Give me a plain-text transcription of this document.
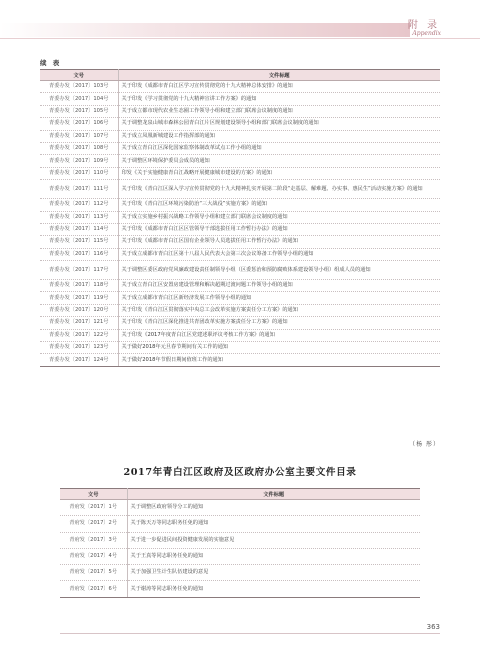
附 录
Appendix
续 表
文号	文件标题
青委办发〔2017〕103号	关于印发《成都市青白江区学习宣传贯彻党的十九大精神总体安排》的通知
青委办发〔2017〕104号	关于印发《学习贯彻党的十九大精神宣讲工作方案》的通知
青委办发〔2017〕105号	关于成立都市现代农业生态圈工作领导小组和建立部门联席会议制度的通知
青委办发〔2017〕106号	关于调整龙泉山城市森林公园青白江片区规划建设领导小组和部门联席会议制度的通知
青委办发〔2017〕107号	关于成立凤凰新城建设工作指挥部的通知
青委办发〔2017〕108号	关于成立青白江区深化国家监察体制改革试点工作小组的通知
青委办发〔2017〕109号	关于调整区环境保护委员会成员的通知
青委办发〔2017〕110号	印发《关于实施健康青白江战略开展健康城市建设的方案》的通知
青委办发〔2017〕111号	关于印发《青白江区深入学习宣传贯彻党的十九大精神扎实开展第二阶段“走基层、解难题、办实事、惠民生”活动实施方案》的通知
青委办发〔2017〕112号	关于印发《青白江区环境污染防治“三大战役”实施方案》的通知
青委办发〔2017〕113号	关于成立实施乡村振兴战略工作领导小组和建立部门联席会议制度的通知
青委办发〔2017〕114号	关于印发《成都市青白江区区管领导干部选拔任用工作暂行办法》的通知
青委办发〔2017〕115号	关于印发《成都市青白江区国有企业领导人员选拔任用工作暂行办法》的通知
青委办发〔2017〕116号	关于成立成都市青白江区第十八届人民代表大会第三次会议筹备工作领导小组的通知
青委办发〔2017〕117号	关于调整区委区政府党风廉政建设责任制领导小组（区委惩治和预防腐败体系建设领导小组）组成人员的通知
青委办发〔2017〕118号	关于成立青白江区安置房建设管理和解决超期过渡问题工作领导小组的通知
青委办发〔2017〕119号	关于成立成都市青白江区新经济发展工作领导小组的通知
青委办发〔2017〕120号	关于印发《青白江区贯彻落实中央总工会改革实施方案责任分工方案》的通知
青委办发〔2017〕121号	关于印发《青白江区深化推进共青团改革实施方案责任分工方案》的通知
青委办发〔2017〕122号	关于印发《2017年度青白江区党建述职评议考核工作方案》的通知
青委办发〔2017〕123号	关于做好2018年元旦春节期间有关工作的通知
青委办发〔2017〕124号	关于做好2018年节假日期间值班工作的通知
（杨 彤）
2017年青白江区政府及区政府办公室主要文件目录
文号	文件标题
青府发〔2017〕1号	关于调整区政府领导分工的通知
青府发〔2017〕2号	关于陈天万等同志职务任免的通知
青府发〔2017〕3号	关于进一步促进民间投资健康发展的实施意见
青府发〔2017〕4号	关于王真等同志职务任免的通知
青府发〔2017〕5号	关于加强卫生计生队伍建设的意见
青府发〔2017〕6号	关于谢涛等同志职务任免的通知
363
